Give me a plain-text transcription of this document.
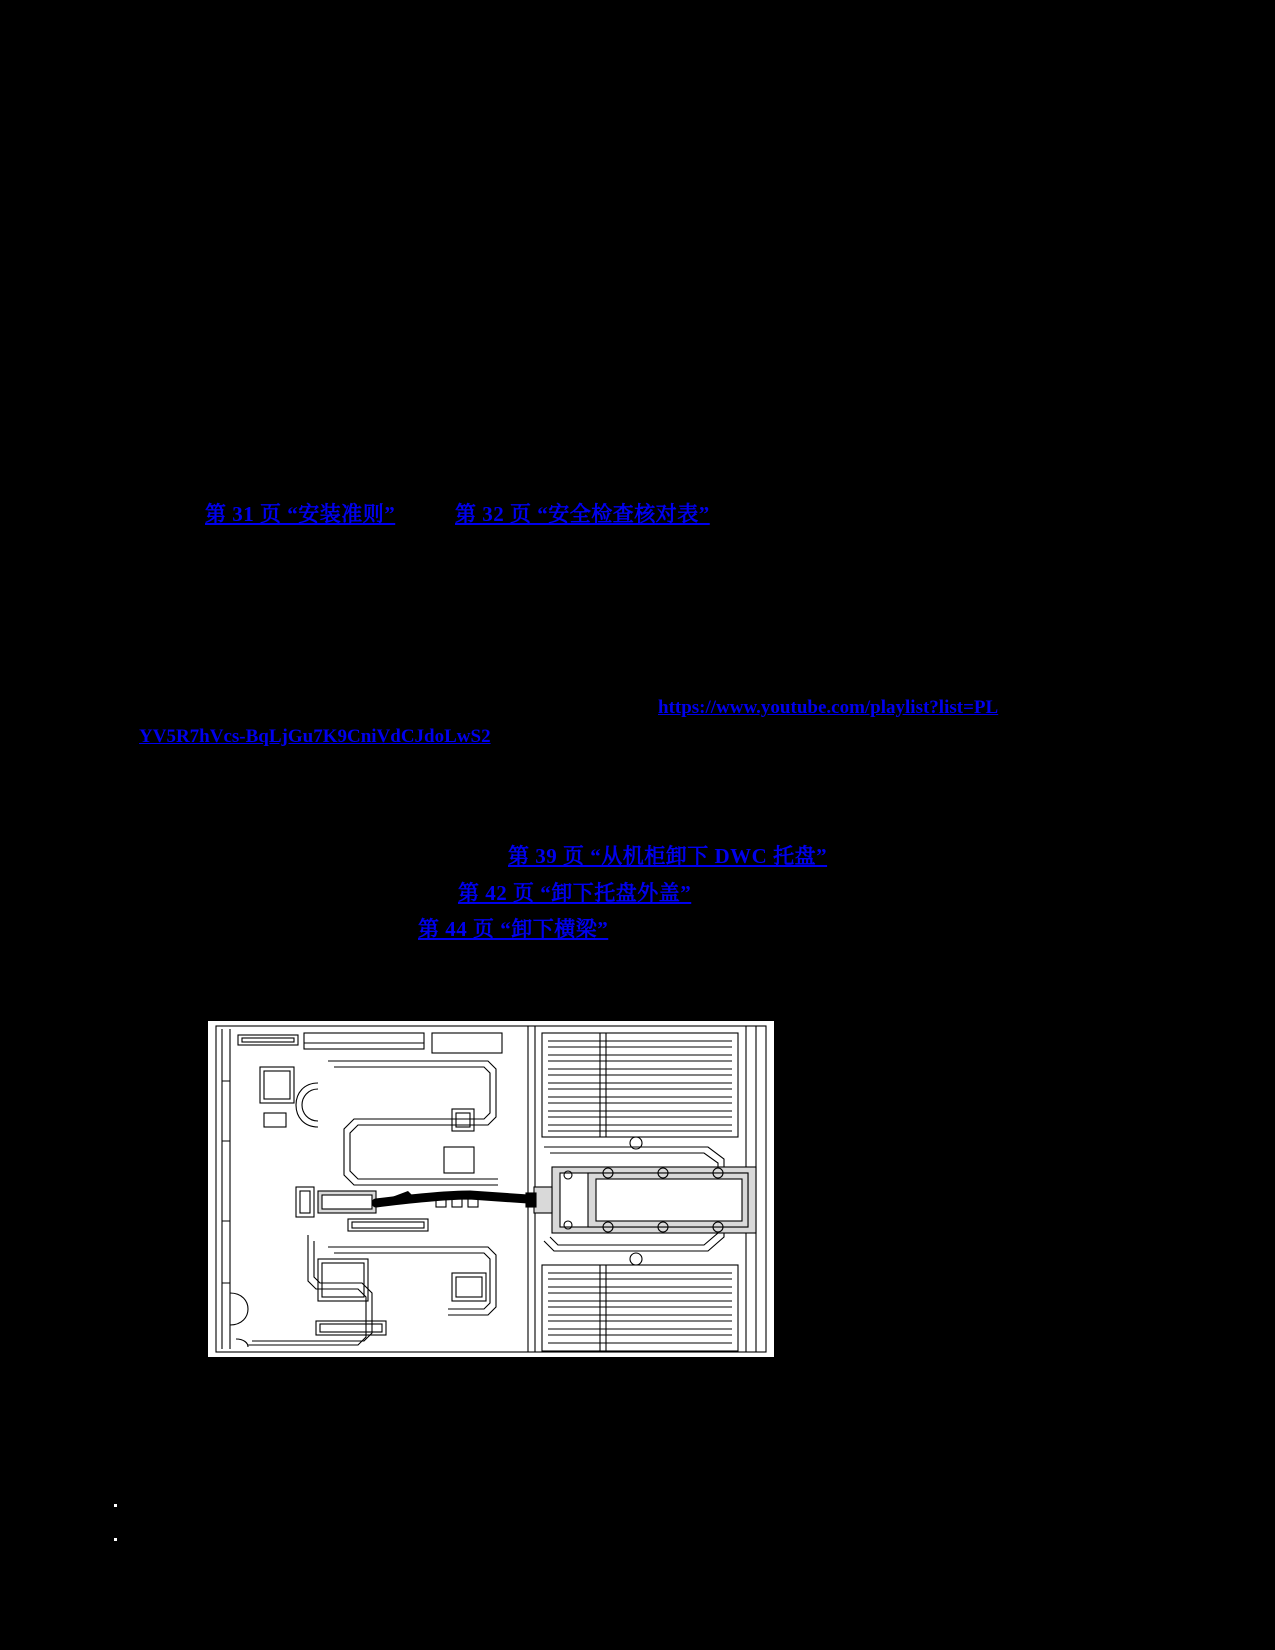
第 31 页 “安装准则”	第 32 页 “安全检查核对表”
https://www.youtube.com/playlist?list=PL
YV5R7hVcs-BqLjGu7K9CniVdCJdoLwS2
第 39 页 “从机柜卸下 DWC 托盘”
第 42 页 “卸下托盘外盖”
第 44 页 “卸下横梁”
